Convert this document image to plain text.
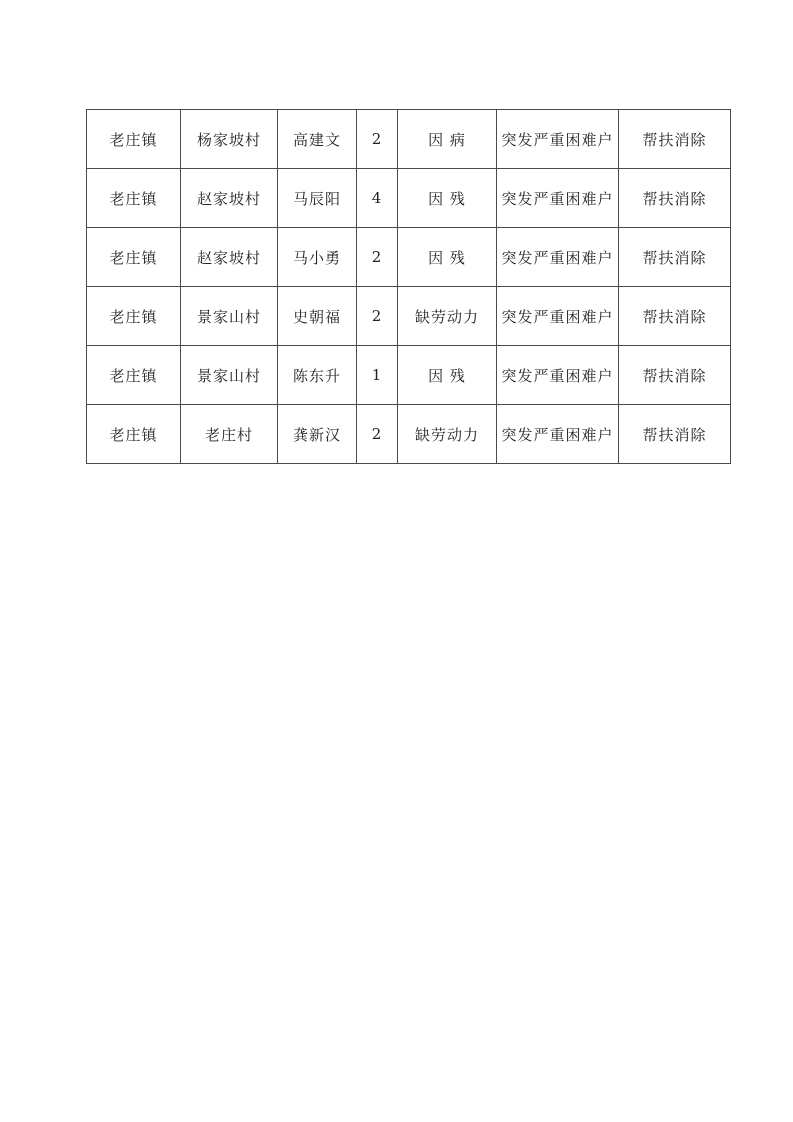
老庄镇	杨家坡村	高建文	2	因 病	突发严重困难户	帮扶消除
老庄镇	赵家坡村	马辰阳	4	因 残	突发严重困难户	帮扶消除
老庄镇	赵家坡村	马小勇	2	因 残	突发严重困难户	帮扶消除
老庄镇	景家山村	史朝福	2	缺劳动力	突发严重困难户	帮扶消除
老庄镇	景家山村	陈东升	1	因 残	突发严重困难户	帮扶消除
老庄镇	老庄村	龚新汉	2	缺劳动力	突发严重困难户	帮扶消除
